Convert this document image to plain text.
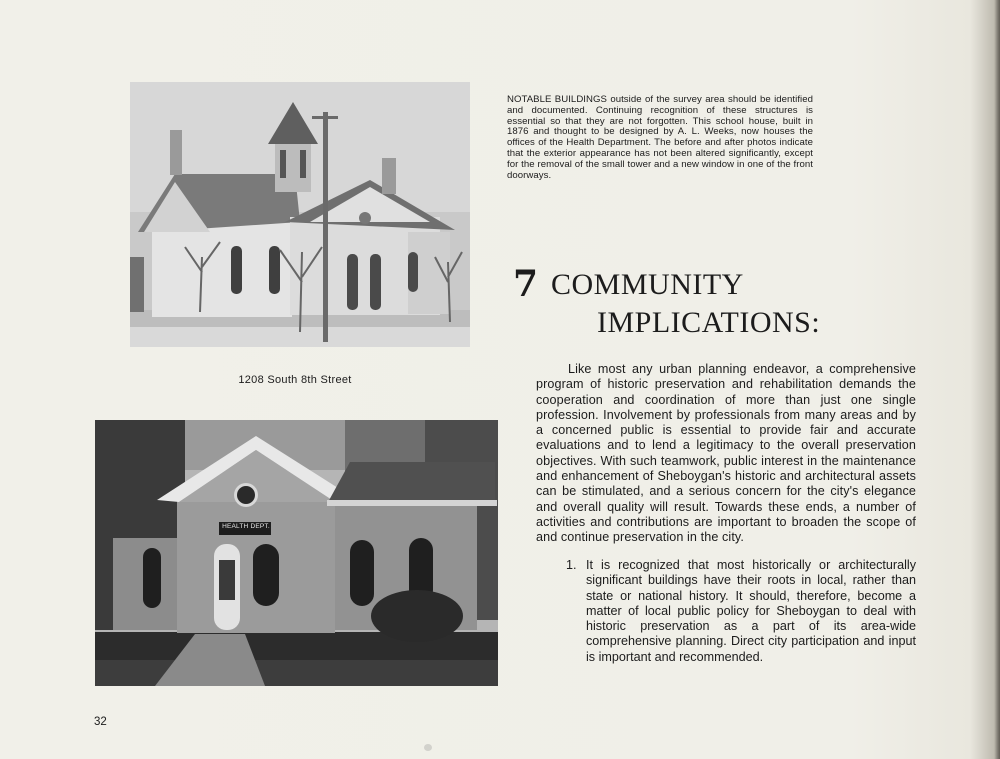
1208 South 8th Street
HEALTH DEPT.
NOTABLE BUILDINGS outside of the survey area should be identified and documented. Continuing recognition of these structures is essential so that they are not forgotten. This school house, built in 1876 and thought to be designed by A. L. Weeks, now houses the offices of the Health Department. The before and after photos indicate that the exterior appearance has not been altered significantly, except for the removal of the small tower and a new window in one of the front doorways.
7 COMMUNITY
IMPLICATIONS:
Like most any urban planning endeavor, a comprehensive program of historic preservation and rehabilitation demands the cooperation and coordination of more than just one single profession. Involvement by professionals from many areas and by a concerned public is essential to provide fair and accurate evaluations and to lend a legitimacy to the overall preservation objectives. With such teamwork, public interest in the maintenance and enhancement of Sheboygan's historic and architectural assets can be stimulated, and a serious concern for the city's elegance and overall quality will result. Towards these ends, a number of activities and contributions are important to broaden the scope of and continue preservation in the city.
1. It is recognized that most historically or architecturally significant buildings have their roots in local, rather than state or national history. It should, therefore, become a matter of local public policy for Sheboygan to deal with historic preservation as a part of its area-wide comprehensive planning. Direct city participation and input is important and recommended.
32
